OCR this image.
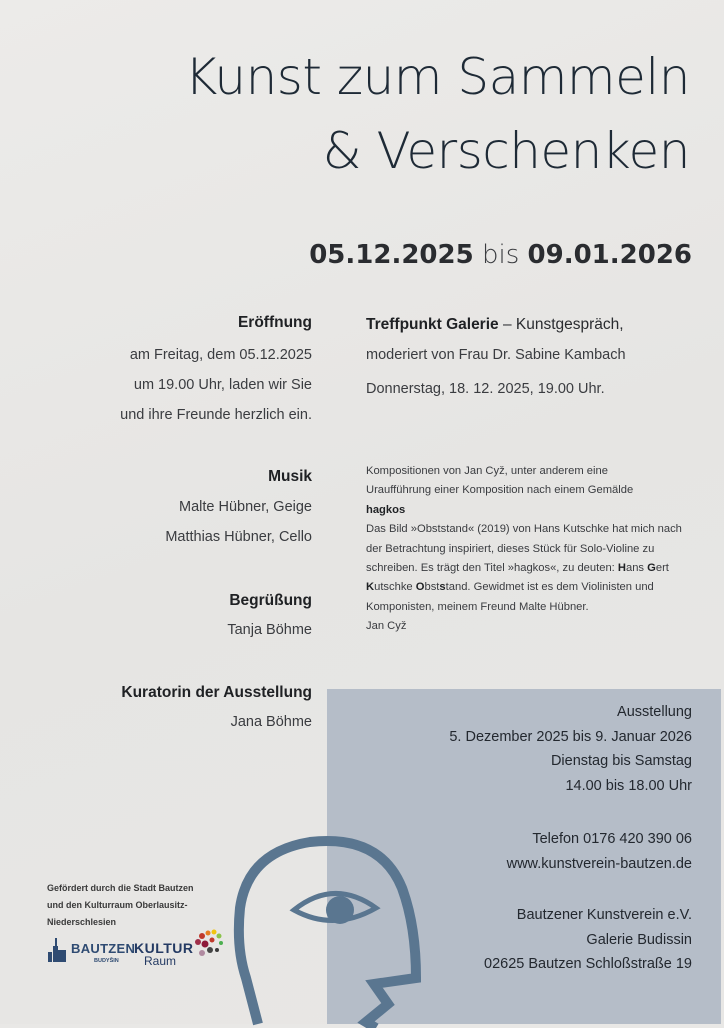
Kunst zum Sammeln
& Verschenken
05.12.2025 bis 09.01.2026
Eröffnung
am Freitag, dem 05.12.2025
um 19.00 Uhr, laden wir Sie
und ihre Freunde herzlich ein.
Musik
Malte Hübner, Geige
Matthias Hübner, Cello
Begrüßung
Tanja Böhme
Kuratorin der Ausstellung
Jana Böhme
Treffpunkt Galerie – Kunstgespräch,
moderiert von Frau Dr. Sabine Kambach
Donnerstag, 18. 12. 2025, 19.00 Uhr.
Kompositionen von Jan Cyž, unter anderem eine
Uraufführung einer Komposition nach einem Gemälde
hagkos
Das Bild »Obststand« (2019) von Hans Kutschke hat mich nach
der Betrachtung inspiriert, dieses Stück für Solo-Violine zu
schreiben. Es trägt den Titel »hagkos«, zu deuten: Hans Gert
Kutschke Obststand. Gewidmet ist es dem Violinisten und
Komponisten, meinem Freund Malte Hübner.
Jan Cyž
Ausstellung
5. Dezember 2025 bis 9. Januar 2026
Dienstag bis Samstag
14.00 bis 18.00 Uhr
Telefon 0176 420 390 06
www.kunstverein-bautzen.de
Bautzener Kunstverein e.V.
Galerie Budissin
02625 Bautzen Schloßstraße 19
Gefördert durch die Stadt Bautzen
und den Kulturraum Oberlausitz-
Niederschlesien
BAUTZEN
BUDYŠIN
KULTUR
Raum
